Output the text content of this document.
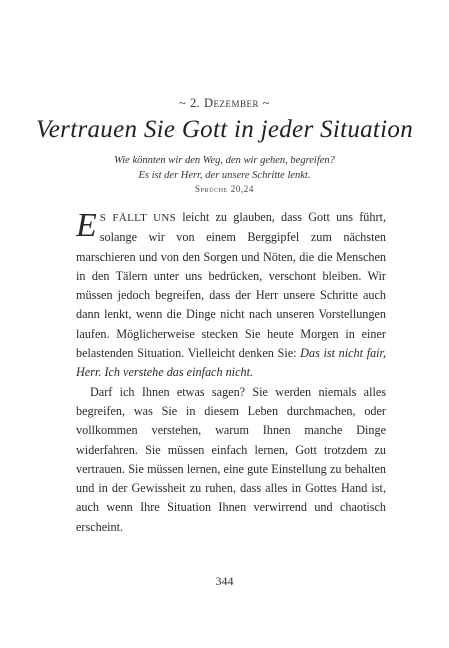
~ 2. Dezember ~
Vertrauen Sie Gott in jeder Situation
Wie könnten wir den Weg, den wir gehen, begreifen?
Es ist der Herr, der unsere Schritte lenkt.
Sprüche 20,24

E S FÄLLT UNS leicht zu glauben, dass Gott uns führt, solange wir von einem Berggipfel zum nächsten marschieren und von den Sorgen und Nöten, die die Menschen in den Tälern unter uns bedrücken, verschont bleiben. Wir müssen jedoch begreifen, dass der Herr unsere Schritte auch dann lenkt, wenn die Dinge nicht nach unseren Vorstellungen laufen. Möglicherweise stecken Sie heute Morgen in einer belastenden Situation. Vielleicht denken Sie: Das ist nicht fair, Herr. Ich verstehe das einfach nicht.

Darf ich Ihnen etwas sagen? Sie werden niemals alles begreifen, was Sie in diesem Leben durchmachen, oder vollkommen verstehen, warum Ihnen manche Dinge widerfahren. Sie müssen einfach lernen, Gott trotzdem zu vertrauen. Sie müssen lernen, eine gute Einstellung zu behalten und in der Gewissheit zu ruhen, dass alles in Gottes Hand ist, auch wenn Ihre Situation Ihnen verwirrend und chaotisch erscheint.

344
